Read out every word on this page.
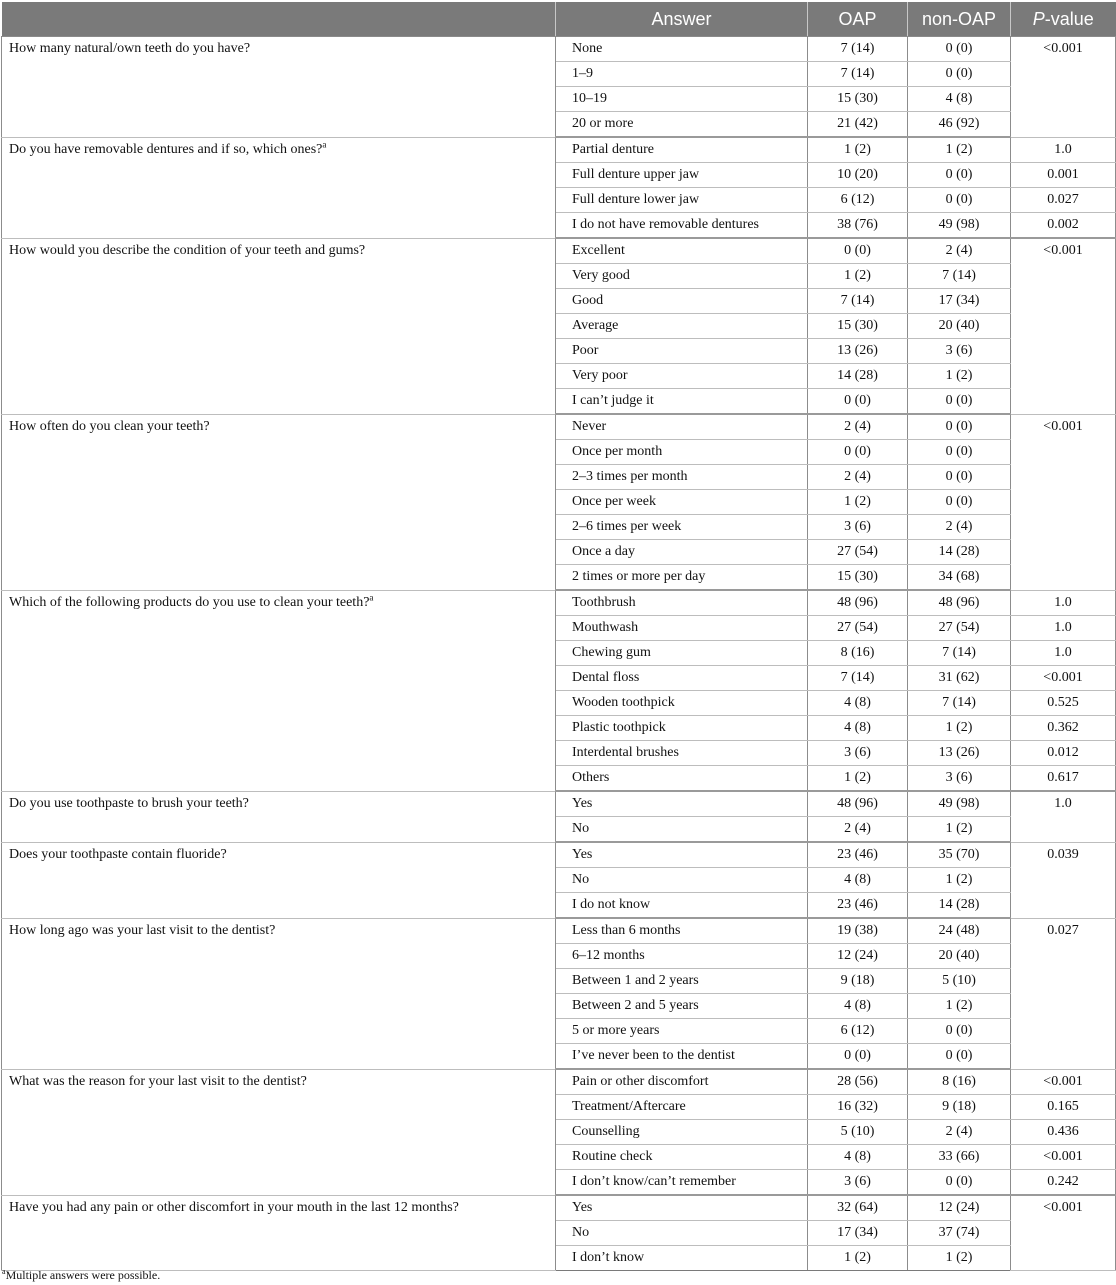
	Answer	OAP	non-OAP	P-value
How many natural/own teeth do you have?	None	7 (14)	0 (0)	<0.001
	1–9	7 (14)	0 (0)	
	10–19	15 (30)	4 (8)	
	20 or more	21 (42)	46 (92)	
Do you have removable dentures and if so, which ones?$^a$	Partial denture	1 (2)	1 (2)	1.0
	Full denture upper jaw	10 (20)	0 (0)	0.001
	Full denture lower jaw	6 (12)	0 (0)	0.027
	I do not have removable dentures	38 (76)	49 (98)	0.002
How would you describe the condition of your teeth and gums?	Excellent	0 (0)	2 (4)	<0.001
	Very good	1 (2)	7 (14)	
	Good	7 (14)	17 (34)	
	Average	15 (30)	20 (40)	
	Poor	13 (26)	3 (6)	
	Very poor	14 (28)	1 (2)	
	I can’t judge it	0 (0)	0 (0)	
How often do you clean your teeth?	Never	2 (4)	0 (0)	<0.001
	Once per month	0 (0)	0 (0)	
	2–3 times per month	2 (4)	0 (0)	
	Once per week	1 (2)	0 (0)	
	2–6 times per week	3 (6)	2 (4)	
	Once a day	27 (54)	14 (28)	
	2 times or more per day	15 (30)	34 (68)	
Which of the following products do you use to clean your teeth?$^a$	Toothbrush	48 (96)	48 (96)	1.0
	Mouthwash	27 (54)	27 (54)	1.0
	Chewing gum	8 (16)	7 (14)	1.0
	Dental floss	7 (14)	31 (62)	<0.001
	Wooden toothpick	4 (8)	7 (14)	0.525
	Plastic toothpick	4 (8)	1 (2)	0.362
	Interdental brushes	3 (6)	13 (26)	0.012
	Others	1 (2)	3 (6)	0.617
Do you use toothpaste to brush your teeth?	Yes	48 (96)	49 (98)	1.0
	No	2 (4)	1 (2)	
Does your toothpaste contain fluoride?	Yes	23 (46)	35 (70)	0.039
	No	4 (8)	1 (2)	
	I do not know	23 (46)	14 (28)	
How long ago was your last visit to the dentist?	Less than 6 months	19 (38)	24 (48)	0.027
	6–12 months	12 (24)	20 (40)	
	Between 1 and 2 years	9 (18)	5 (10)	
	Between 2 and 5 years	4 (8)	1 (2)	
	5 or more years	6 (12)	0 (0)	
	I’ve never been to the dentist	0 (0)	0 (0)	
What was the reason for your last visit to the dentist?	Pain or other discomfort	28 (56)	8 (16)	<0.001
	Treatment/Aftercare	16 (32)	9 (18)	0.165
	Counselling	5 (10)	2 (4)	0.436
	Routine check	4 (8)	33 (66)	<0.001
	I don’t know/can’t remember	3 (6)	0 (0)	0.242
Have you had any pain or other discomfort in your mouth in the last 12 months?	Yes	32 (64)	12 (24)	<0.001
	No	17 (34)	37 (74)	
	I don’t know	1 (2)	1 (2)	
$^a$Multiple answers were possible.
